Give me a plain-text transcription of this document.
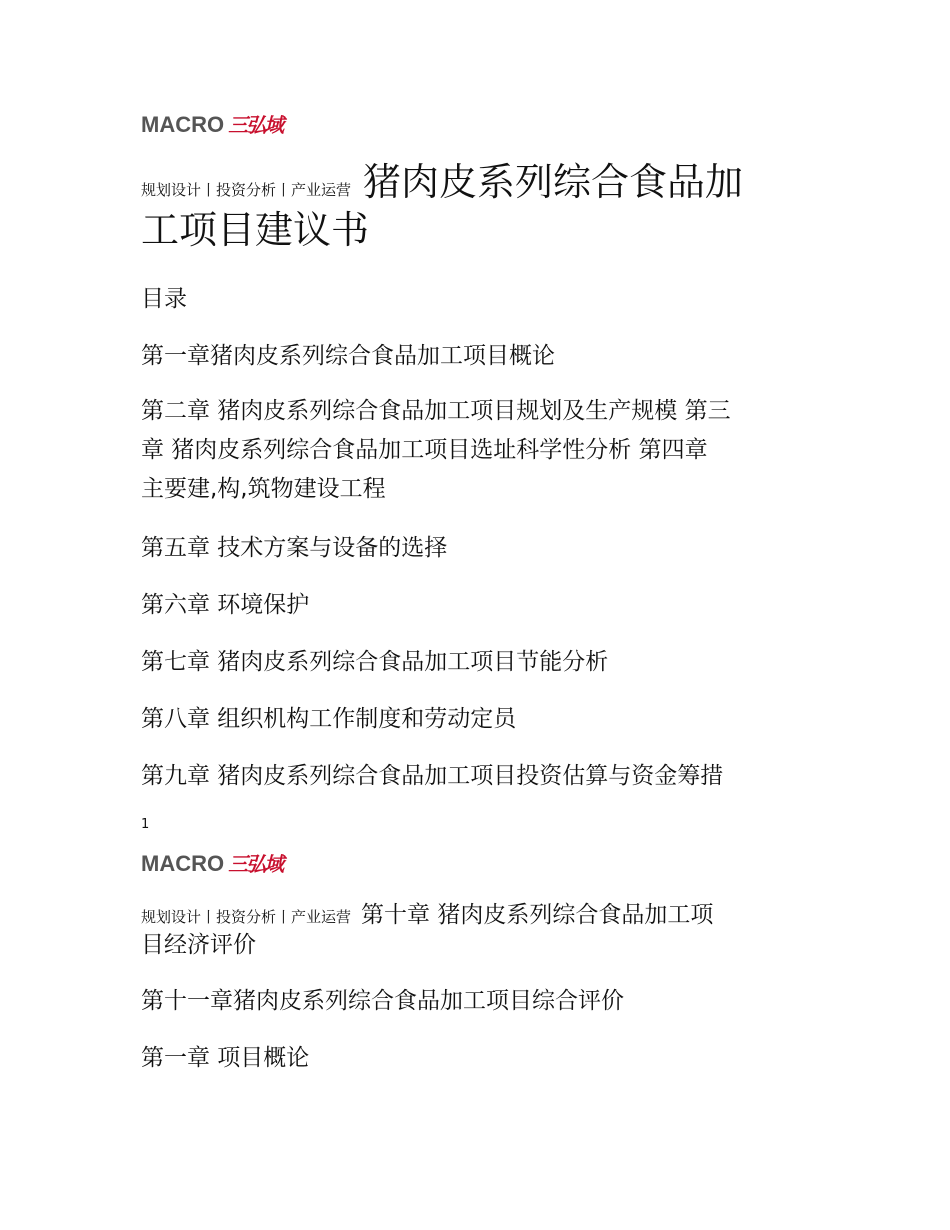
MACRO 三弘域
规划设计丨投资分析丨产业运营 猪肉皮系列综合食品加
工项目建议书
目录
第一章猪肉皮系列综合食品加工项目概论
第二章 猪肉皮系列综合食品加工项目规划及生产规模 第三
章 猪肉皮系列综合食品加工项目选址科学性分析 第四章
主要建,构,筑物建设工程
第五章 技术方案与设备的选择
第六章 环境保护
第七章 猪肉皮系列综合食品加工项目节能分析
第八章 组织机构工作制度和劳动定员
第九章 猪肉皮系列综合食品加工项目投资估算与资金筹措
1
MACRO 三弘域
规划设计丨投资分析丨产业运营 第十章 猪肉皮系列综合食品加工项
目经济评价
第十一章猪肉皮系列综合食品加工项目综合评价
第一章 项目概论
